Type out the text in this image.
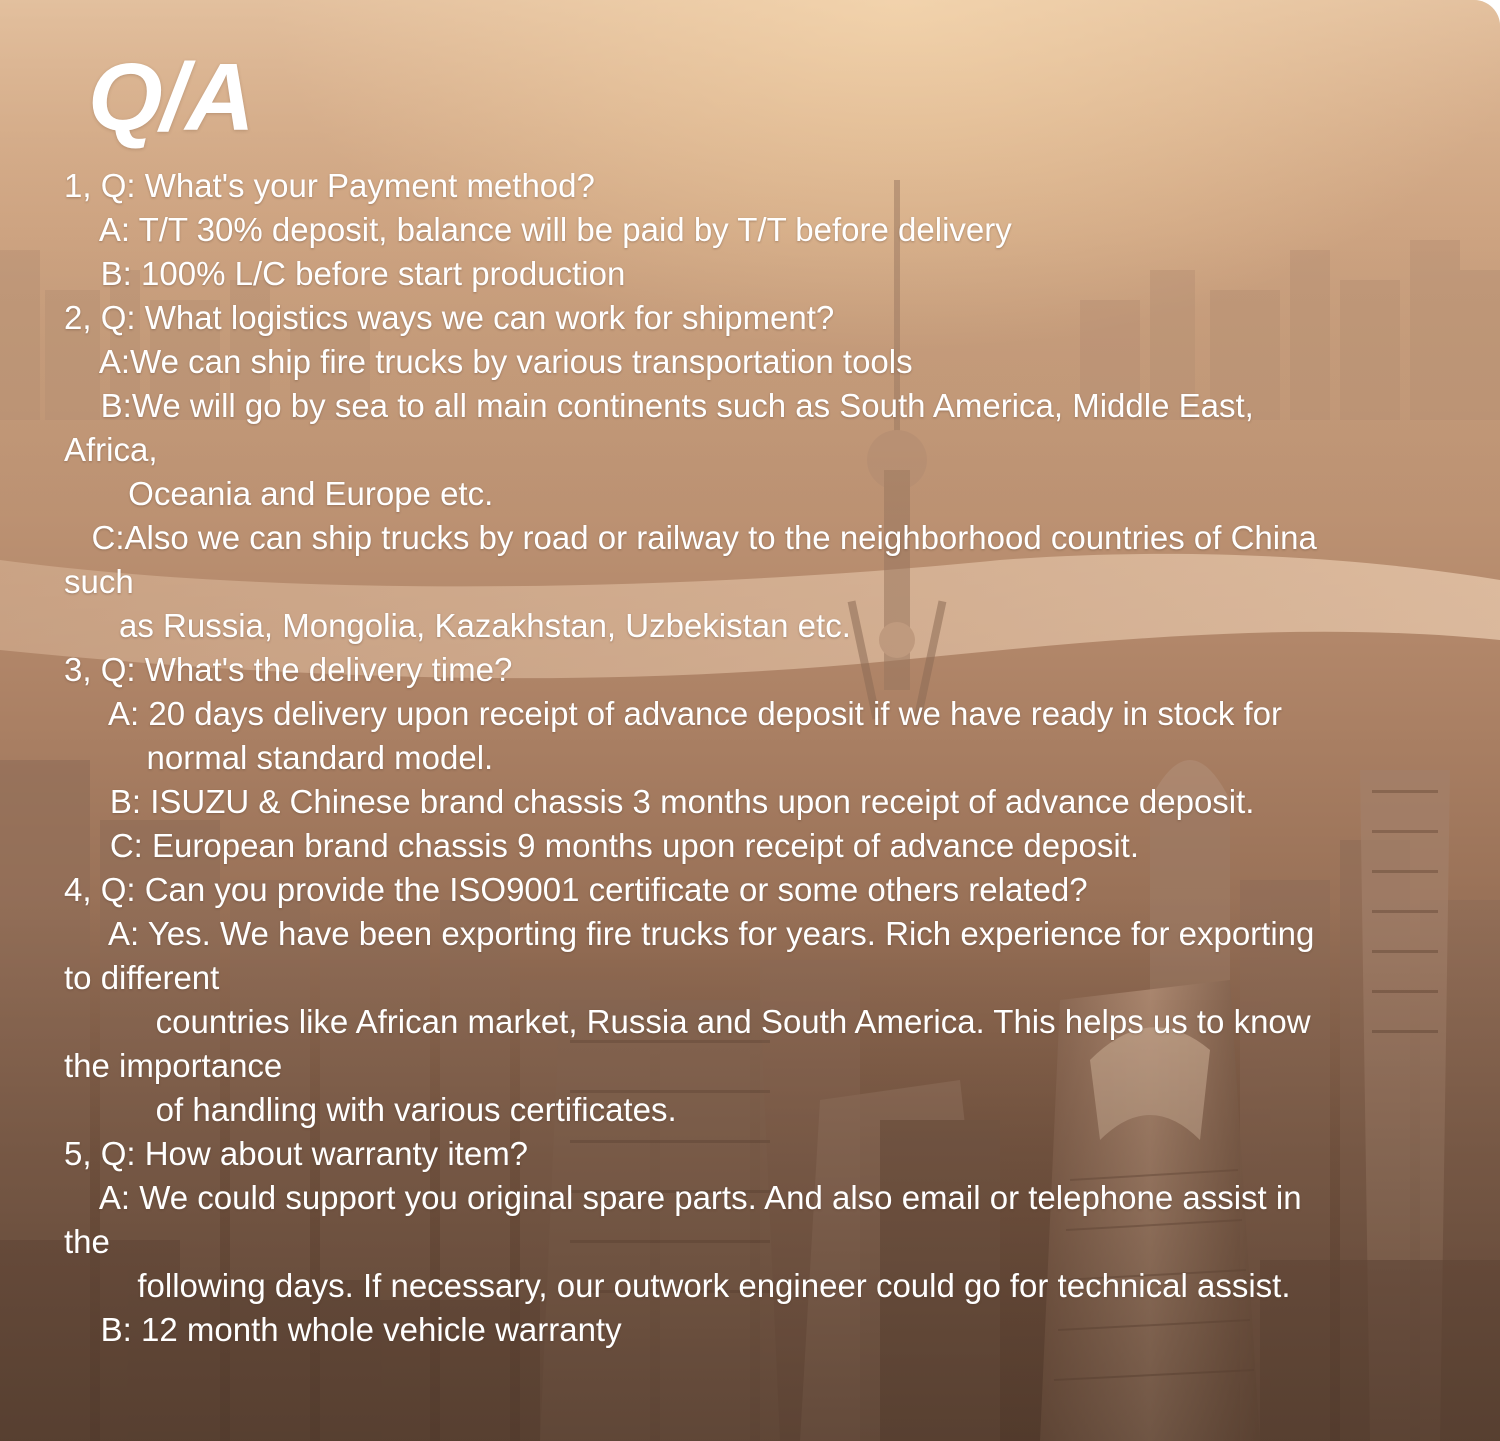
Q/A
1, Q: What's your Payment method?
A: T/T 30% deposit, balance will be paid by T/T before delivery
B: 100% L/C before start production
2, Q: What logistics ways we can work for shipment?
A:We can ship fire trucks by various transportation tools
B:We will go by sea to all main continents such as South America, Middle East,
Africa,
Oceania and Europe etc.
C:Also we can ship trucks by road or railway to the neighborhood countries of China
such
as Russia, Mongolia, Kazakhstan, Uzbekistan etc.
3, Q: What's the delivery time?
A: 20 days delivery upon receipt of advance deposit if we have ready in stock for
normal standard model.
B: ISUZU & Chinese brand chassis 3 months upon receipt of advance deposit.
C: European brand chassis 9 months upon receipt of advance deposit.
4, Q: Can you provide the ISO9001 certificate or some others related?
A: Yes. We have been exporting fire trucks for years. Rich experience for exporting
to different
countries like African market, Russia and South America. This helps us to know
the importance
of handling with various certificates.
5, Q: How about warranty item?
A: We could support you original spare parts. And also email or telephone assist in
the
following days. If necessary, our outwork engineer could go for technical assist.
B: 12 month whole vehicle warranty
